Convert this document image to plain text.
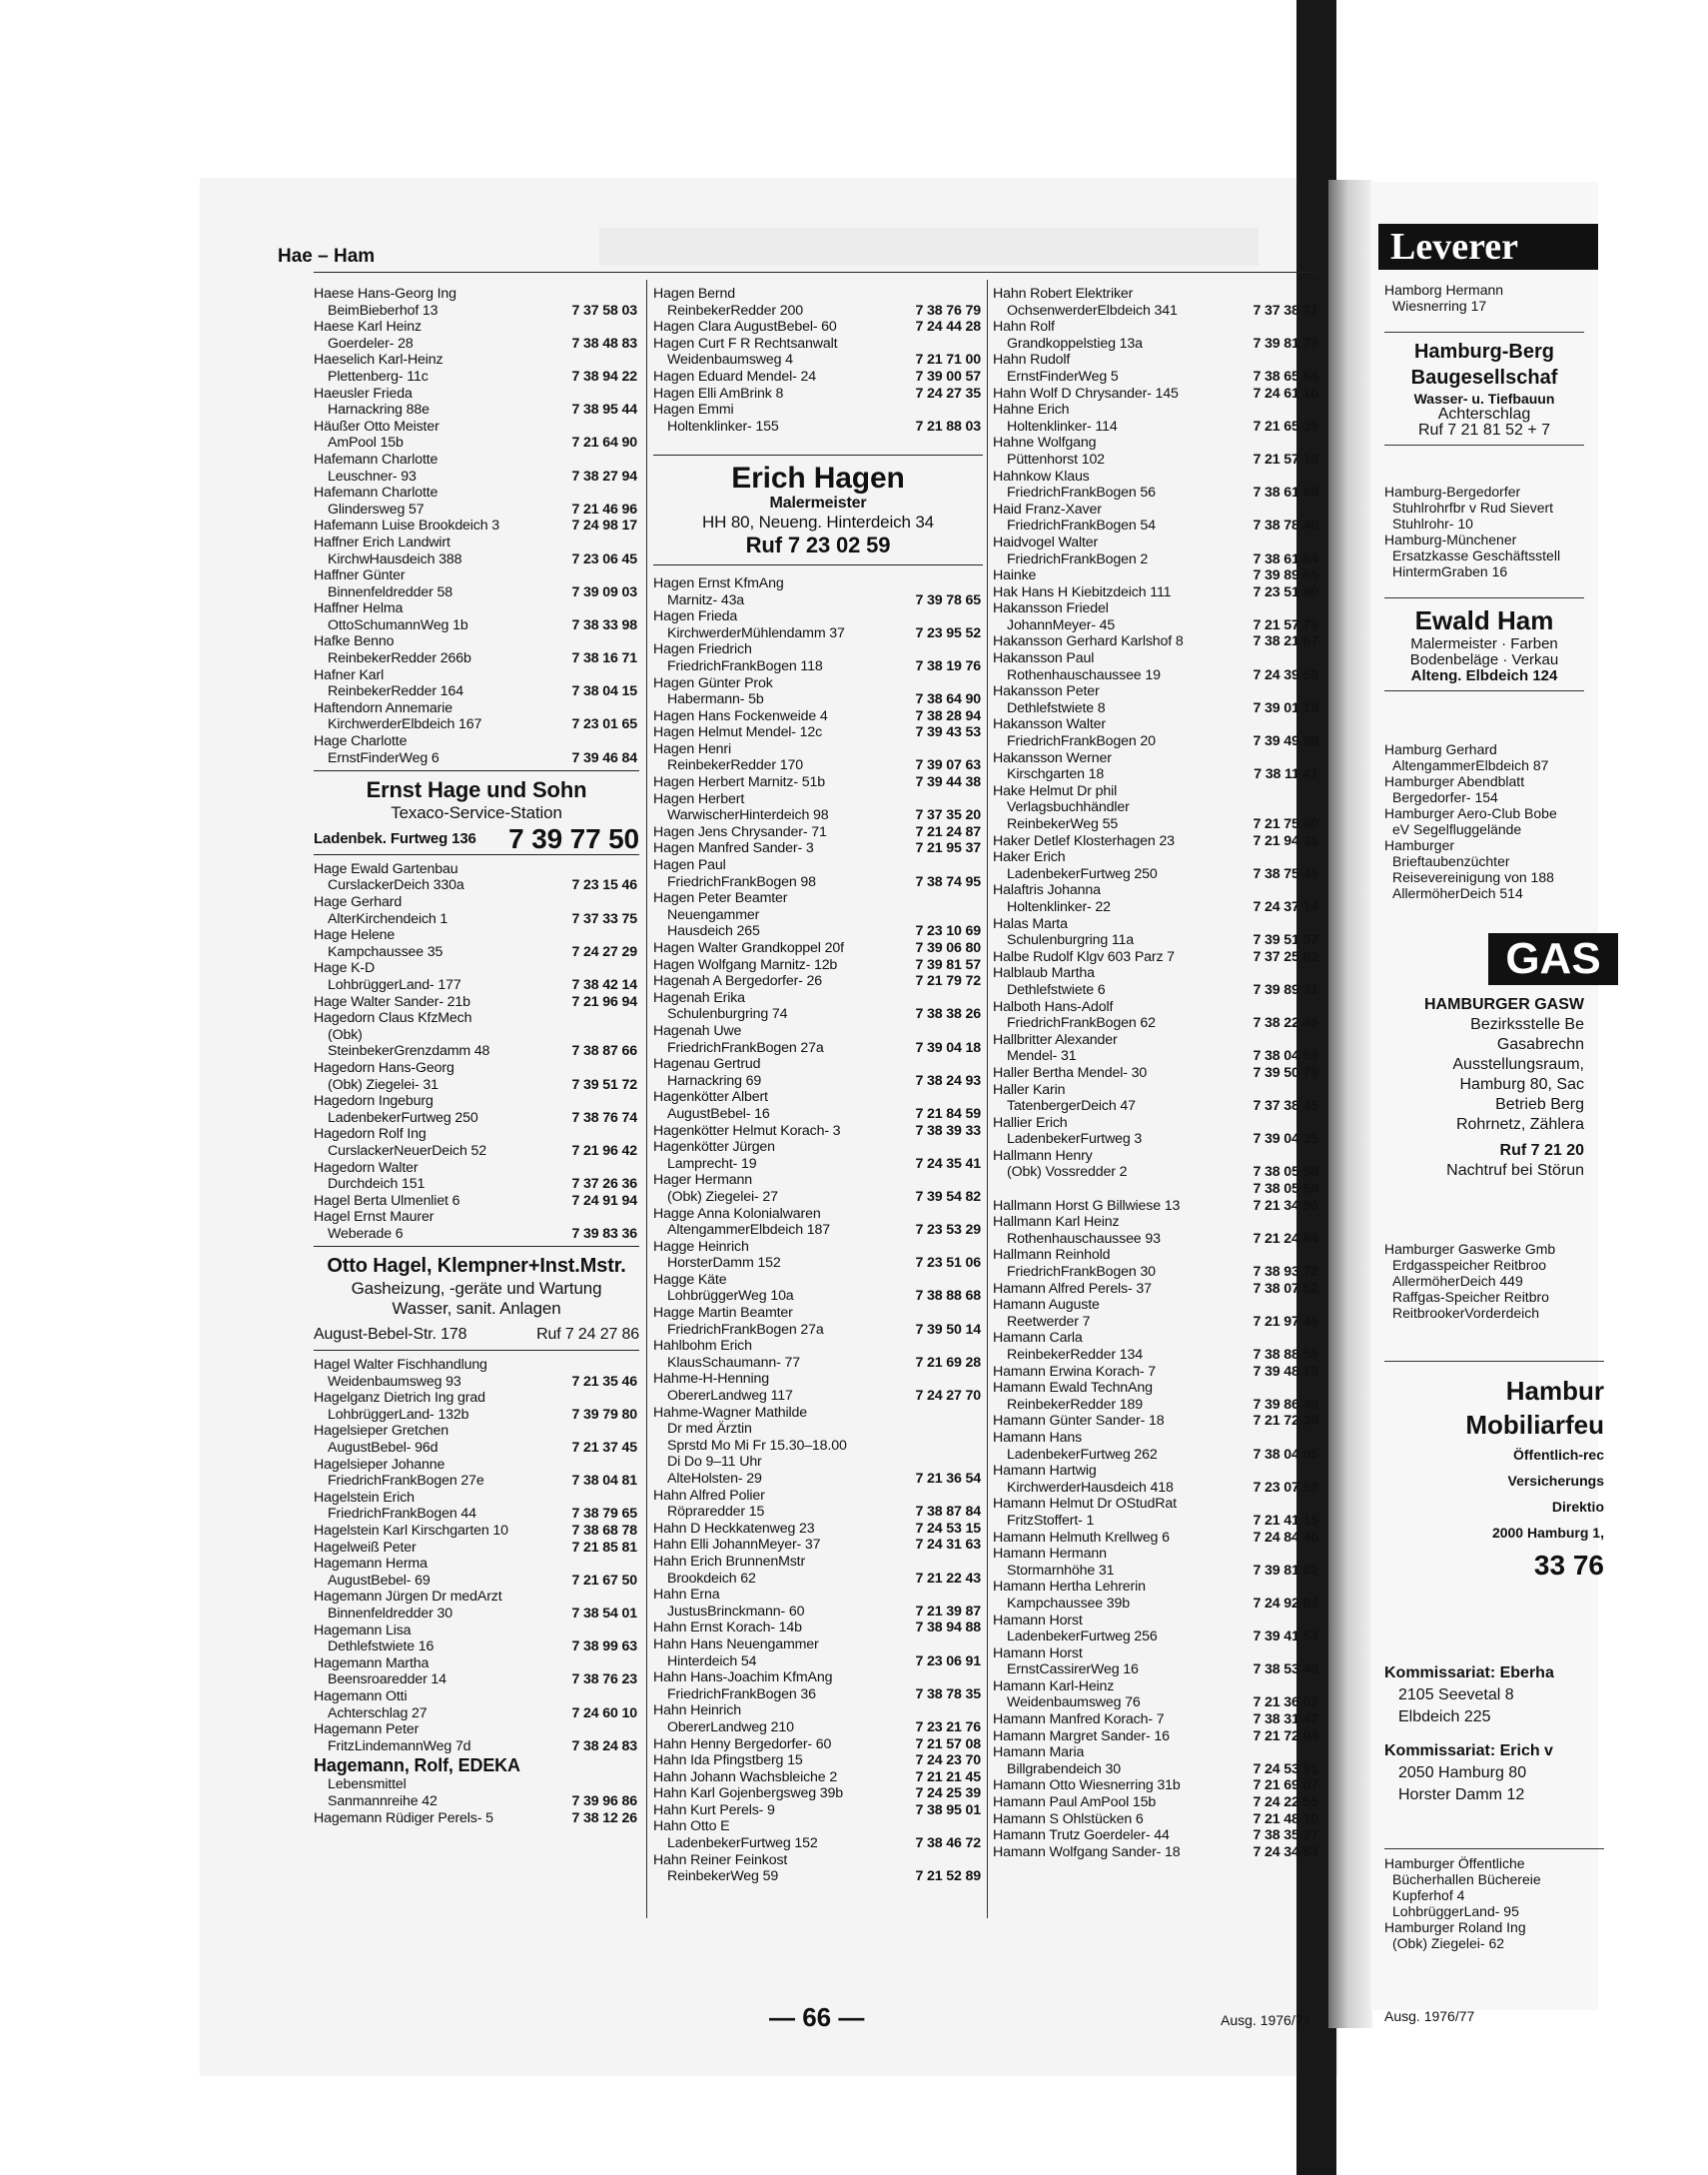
Hae – Ham
Haese Hans-Georg Ing
BeimBieberhof 13	7 37 58 03
Haese Karl Heinz
Goerdeler- 28	7 38 48 83
Haeselich Karl-Heinz
Plettenberg- 11c	7 38 94 22
Haeusler Frieda
Harnackring 88e	7 38 95 44
Häußer Otto Meister
AmPool 15b	7 21 64 90
Hafemann Charlotte
Leuschner- 93	7 38 27 94
Hafemann Charlotte
Glindersweg 57	7 21 46 96
Hafemann Luise Brookdeich 3	7 24 98 17
Haffner Erich Landwirt
KirchwHausdeich 388	7 23 06 45
Haffner Günter
Binnenfeldredder 58	7 39 09 03
Haffner Helma
OttoSchumannWeg 1b	7 38 33 98
Hafke Benno
ReinbekerRedder 266b	7 38 16 71
Hafner Karl
ReinbekerRedder 164	7 38 04 15
Haftendorn Annemarie
KirchwerderElbdeich 167	7 23 01 65
Hage Charlotte
ErnstFinderWeg 6	7 39 46 84
Ernst Hage und Sohn
Texaco-Service-Station
Ladenbek. Furtweg 136 7 39 77 50
Hage Ewald Gartenbau
CurslackerDeich 330a	7 23 15 46
Hage Gerhard
AlterKirchendeich 1	7 37 33 75
Hage Helene
Kampchaussee 35	7 24 27 29
Hage K-D
LohbrüggerLand- 177	7 38 42 14
Hage Walter Sander- 21b	7 21 96 94
Hagedorn Claus KfzMech
(Obk)
SteinbekerGrenzdamm 48	7 38 87 66
Hagedorn Hans-Georg
(Obk) Ziegelei- 31	7 39 51 72
Hagedorn Ingeburg
LadenbekerFurtweg 250	7 38 76 74
Hagedorn Rolf Ing
CurslackerNeuerDeich 52	7 21 96 42
Hagedorn Walter
Durchdeich 151	7 37 26 36
Hagel Berta Ulmenliet 6	7 24 91 94
Hagel Ernst Maurer
Weberade 6	7 39 83 36
Otto Hagel, Klempner+Inst.Mstr.
Gasheizung, -geräte und Wartung
Wasser, sanit. Anlagen
August-Bebel-Str. 178	Ruf 7 24 27 86
Hagel Walter Fischhandlung
Weidenbaumsweg 93	7 21 35 46
Hagelganz Dietrich Ing grad
LohbrüggerLand- 132b	7 39 79 80
Hagelsieper Gretchen
AugustBebel- 96d	7 21 37 45
Hagelsieper Johanne
FriedrichFrankBogen 27e	7 38 04 81
Hagelstein Erich
FriedrichFrankBogen 44	7 38 79 65
Hagelstein Karl Kirschgarten 10	7 38 68 78
Hagelweiß Peter	7 21 85 81
Hagemann Herma
AugustBebel- 69	7 21 67 50
Hagemann Jürgen Dr medArzt
Binnenfeldredder 30	7 38 54 01
Hagemann Lisa
Dethlefstwiete 16	7 38 99 63
Hagemann Martha
Beensroaredder 14	7 38 76 23
Hagemann Otti
Achterschlag 27	7 24 60 10
Hagemann Peter
FritzLindemannWeg 7d	7 38 24 83
Hagemann, Rolf, EDEKA
Lebensmittel
Sanmannreihe 42	7 39 96 86
Hagemann Rüdiger Perels- 5	7 38 12 26
Hagen Bernd
ReinbekerRedder 200	7 38 76 79
Hagen Clara AugustBebel- 60	7 24 44 28
Hagen Curt F R Rechtsanwalt
Weidenbaumsweg 4	7 21 71 00
Hagen Eduard Mendel- 24	7 39 00 57
Hagen Elli AmBrink 8	7 24 27 35
Hagen Emmi
Holtenklinker- 155	7 21 88 03
Erich Hagen
Malermeister
HH 80, Neueng. Hinterdeich 34
Ruf 7 23 02 59
Hagen Ernst KfmAng
Marnitz- 43a	7 39 78 65
Hagen Frieda
KirchwerderMühlendamm 37	7 23 95 52
Hagen Friedrich
FriedrichFrankBogen 118	7 38 19 76
Hagen Günter Prok
Habermann- 5b	7 38 64 90
Hagen Hans Fockenweide 4	7 38 28 94
Hagen Helmut Mendel- 12c	7 39 43 53
Hagen Henri
ReinbekerRedder 170	7 39 07 63
Hagen Herbert Marnitz- 51b	7 39 44 38
Hagen Herbert
WarwischerHinterdeich 98	7 37 35 20
Hagen Jens Chrysander- 71	7 21 24 87
Hagen Manfred Sander- 3	7 21 95 37
Hagen Paul
FriedrichFrankBogen 98	7 38 74 95
Hagen Peter Beamter
Neuengammer
Hausdeich 265	7 23 10 69
Hagen Walter Grandkoppel 20f	7 39 06 80
Hagen Wolfgang Marnitz- 12b	7 39 81 57
Hagenah A Bergedorfer- 26	7 21 79 72
Hagenah Erika
Schulenburgring 74	7 38 38 26
Hagenah Uwe
FriedrichFrankBogen 27a	7 39 04 18
Hagenau Gertrud
Harnackring 69	7 38 24 93
Hagenkötter Albert
AugustBebel- 16	7 21 84 59
Hagenkötter Helmut Korach- 3	7 38 39 33
Hagenkötter Jürgen
Lamprecht- 19	7 24 35 41
Hager Hermann
(Obk) Ziegelei- 27	7 39 54 82
Hagge Anna Kolonialwaren
AltengammerElbdeich 187	7 23 53 29
Hagge Heinrich
HorsterDamm 152	7 23 51 06
Hagge Käte
LohbrüggerWeg 10a	7 38 88 68
Hagge Martin Beamter
FriedrichFrankBogen 27a	7 39 50 14
Hahlbohm Erich
KlausSchaumann- 77	7 21 69 28
Hahme-H-Henning
ObererLandweg 117	7 24 27 70
Hahme-Wagner Mathilde
Dr med Ärztin
Sprstd Mo Mi Fr 15.30–18.00
Di Do 9–11 Uhr
AlteHolsten- 29	7 21 36 54
Hahn Alfred Polier
Röpraredder 15	7 38 87 84
Hahn D Heckkatenweg 23	7 24 53 15
Hahn Elli JohannMeyer- 37	7 24 31 63
Hahn Erich BrunnenMstr
Brookdeich 62	7 21 22 43
Hahn Erna
JustusBrinckmann- 60	7 21 39 87
Hahn Ernst Korach- 14b	7 38 94 88
Hahn Hans Neuengammer
Hinterdeich 54	7 23 06 91
Hahn Hans-Joachim KfmAng
FriedrichFrankBogen 36	7 38 78 35
Hahn Heinrich
ObererLandweg 210	7 23 21 76
Hahn Henny Bergedorfer- 60	7 21 57 08
Hahn Ida Pfingstberg 15	7 24 23 70
Hahn Johann Wachsbleiche 2	7 21 21 45
Hahn Karl Gojenbergsweg 39b	7 24 25 39
Hahn Kurt Perels- 9	7 38 95 01
Hahn Otto E
LadenbekerFurtweg 152	7 38 46 72
Hahn Reiner Feinkost
ReinbekerWeg 59	7 21 52 89
Hahn Robert Elektriker
OchsenwerderElbdeich 341	7 37 38 71
Hahn Rolf
Grandkoppelstieg 13a	7 39 81 79
Hahn Rudolf
ErnstFinderWeg 5	7 38 65 64
Hahn Wolf D Chrysander- 145	7 24 61 10
Hahne Erich
Holtenklinker- 114	7 21 65 39
Hahne Wolfgang
Püttenhorst 102	7 21 57 16
Hahnkow Klaus
FriedrichFrankBogen 56	7 38 61 68
Haid Franz-Xaver
FriedrichFrankBogen 54	7 38 78 40
Haidvogel Walter
FriedrichFrankBogen 2	7 38 61 84
Hainke	7 39 89 65
Hak Hans H Kiebitzdeich 111	7 23 51 90
Hakansson Friedel
JohannMeyer- 45	7 21 57 79
Hakansson Gerhard Karlshof 8	7 38 21 67
Hakansson Paul
Rothenhauschaussee 19	7 24 39 59
Hakansson Peter
Dethlefstwiete 8	7 39 01 19
Hakansson Walter
FriedrichFrankBogen 20	7 39 49 98
Hakansson Werner
Kirschgarten 18	7 38 11 41
Hake Helmut Dr phil
Verlagsbuchhändler
ReinbekerWeg 55	7 21 75 00
Haker Detlef Klosterhagen 23	7 21 94 31
Haker Erich
LadenbekerFurtweg 250	7 38 75 49
Halaftris Johanna
Holtenklinker- 22	7 24 37 14
Halas Marta
Schulenburgring 11a	7 39 51 57
Halbe Rudolf Klgv 603 Parz 7	7 37 25 82
Halblaub Martha
Dethlefstwiete 6	7 39 89 31
Halboth Hans-Adolf
FriedrichFrankBogen 62	7 38 22 46
Hallbritter Alexander
Mendel- 31	7 38 04 59
Haller Bertha Mendel- 30	7 39 50 79
Haller Karin
TatenbergerDeich 47	7 37 38 45
Hallier Erich
LadenbekerFurtweg 3	7 39 04 35
Hallmann Henry
(Obk) Vossredder 2	7 38 05 58

7 38 05 59
Hallmann Horst G Billwiese 13	7 21 34 96
Hallmann Karl Heinz
Rothenhauschaussee 93	7 21 24 84
Hallmann Reinhold
FriedrichFrankBogen 30	7 38 93 72
Hamann Alfred Perels- 37	7 38 07 62
Hamann Auguste
Reetwerder 7	7 21 97 46
Hamann Carla
ReinbekerRedder 134	7 38 88 55
Hamann Erwina Korach- 7	7 39 48 19
Hamann Ewald TechnAng
ReinbekerRedder 189	7 39 86 40
Hamann Günter Sander- 18	7 21 72 38
Hamann Hans
LadenbekerFurtweg 262	7 38 04 05
Hamann Hartwig
KirchwerderHausdeich 418	7 23 07 58
Hamann Helmut Dr OStudRat
FritzStoffert- 1	7 21 41 15
Hamann Helmuth Krellweg 6	7 24 84 40
Hamann Hermann
Stormarnhöhe 31	7 39 81 82
Hamann Hertha Lehrerin
Kampchaussee 39b	7 24 92 84
Hamann Horst
LadenbekerFurtweg 256	7 39 41 53
Hamann Horst
ErnstCassirerWeg 16	7 38 53 46
Hamann Karl-Heinz
Weidenbaumsweg 76	7 21 36 02
Hamann Manfred Korach- 7	7 38 31 47
Hamann Margret Sander- 16	7 21 72 04
Hamann Maria
Billgrabendeich 30	7 24 53 91
Hamann Otto Wiesnerring 31b	7 21 69 07
Hamann Paul AmPool 15b	7 24 22 55
Hamann S Ohlstücken 6	7 21 48 10
Hamann Trutz Goerdeler- 44	7 38 35 27
Hamann Wolfgang Sander- 18	7 24 34 53
— 66 —	Ausg. 1976/77
Leverer
Hamborg Hermann
Wiesnerring 17
Hamburg-Berg
Baugesellschaf
Wasser- u. Tiefbauun
Achterschlag
Ruf 7 21 81 52 + 7
Hamburg-Bergedorfer
Stuhlrohrfbr v Rud Sievert
Stuhlrohr- 10
Hamburg-Münchener
Ersatzkasse Geschäftsstell
HintermGraben 16
Ewald Ham
Malermeister · Farben
Bodenbeläge · Verkau
Alteng. Elbdeich 124
Hamburg Gerhard
AltengammerElbdeich 87
Hamburger Abendblatt
Bergedorfer- 154
Hamburger Aero-Club Bobe
eV Segelfluggelände
Hamburger
Brieftaubenzüchter
Reisevereinigung von 188
AllermöherDeich 514
GAS
HAMBURGER GASW
Bezirksstelle Be
Gasabrechn
Ausstellungsraum,
Hamburg 80, Sac
Betrieb Berg
Rohrnetz, Zählera
Ruf 7 21 20
Nachtruf bei Störun
Hamburger Gaswerke Gmb
Erdgasspeicher Reitbroo
AllermöherDeich 449
Raffgas-Speicher Reitbro
ReitbrookerVorderdeich
Hambur
Mobiliarfeu
Öffentlich-rec
Versicherungs
Direktio
2000 Hamburg 1,
33 76
Kommissariat: Eberha
2105 Seevetal 8
Elbdeich 225
Kommissariat: Erich v
2050 Hamburg 80
Horster Damm 12
Hamburger Öffentliche
Bücherhallen Büchereie
Kupferhof 4
LohbrüggerLand- 95
Hamburger Roland Ing
(Obk) Ziegelei- 62
Ausg. 1976/77
